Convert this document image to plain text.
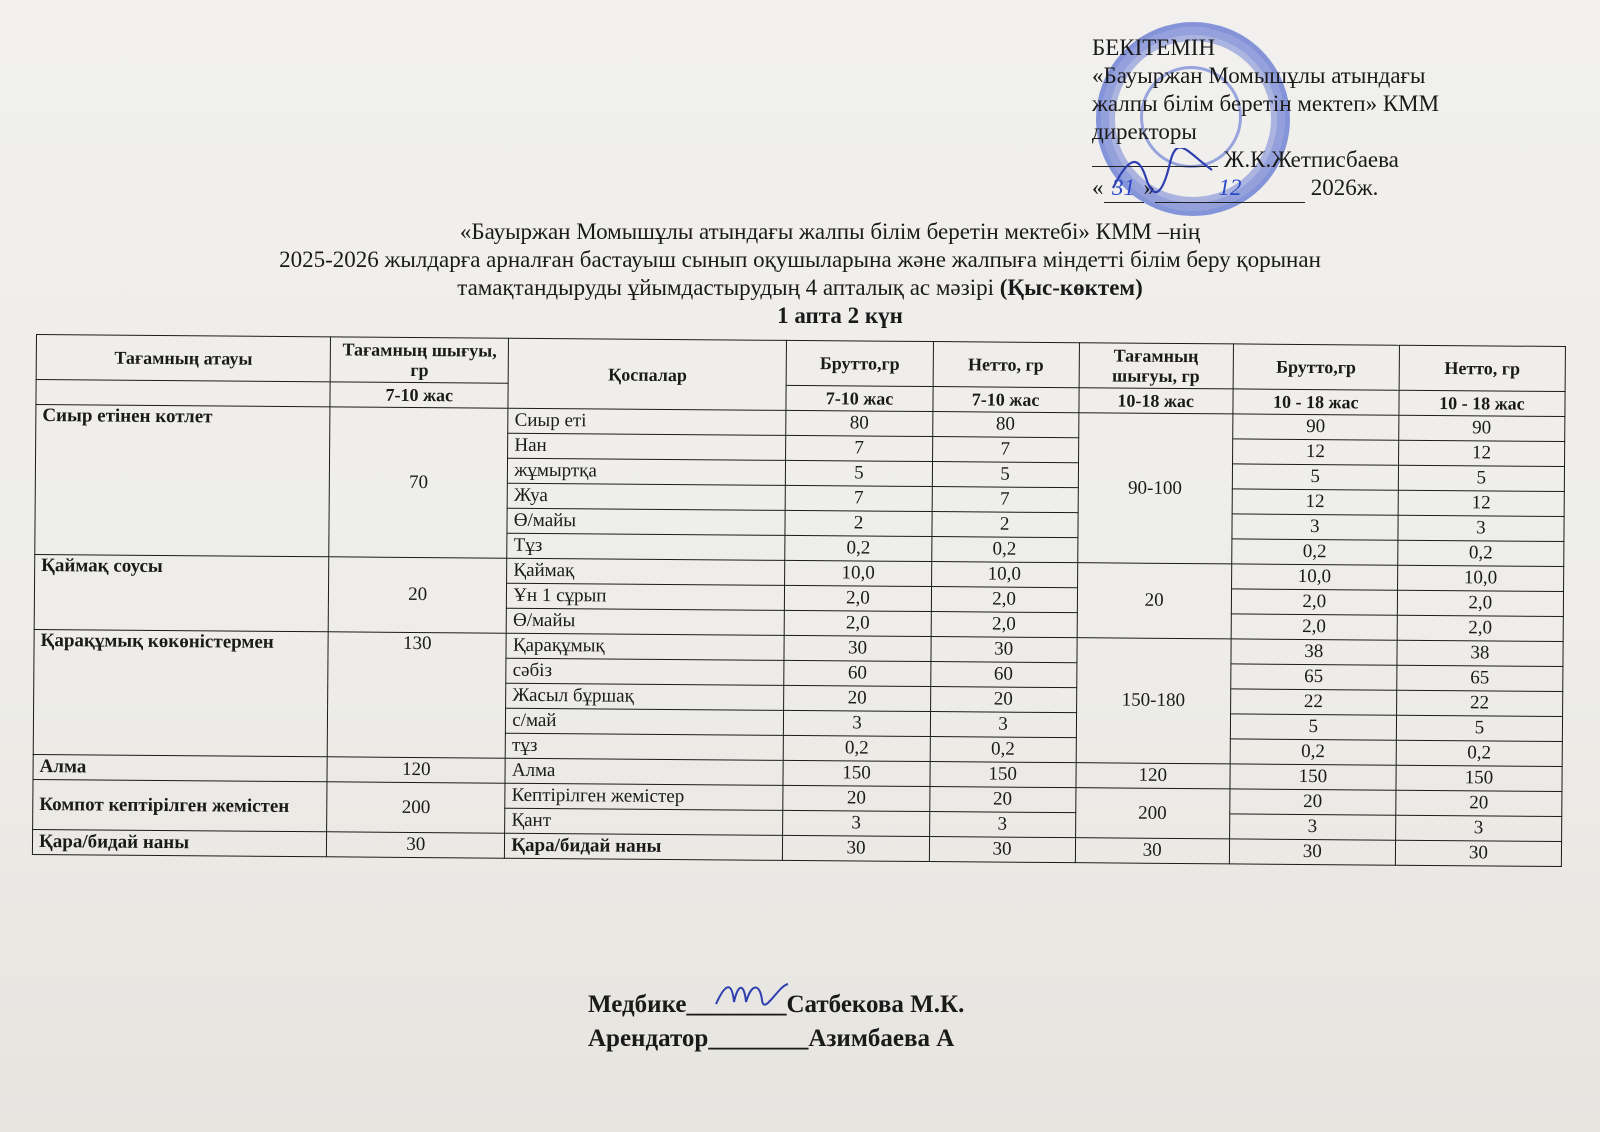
БЕКІТЕМІН
«Бауыржан Момышұлы атындағы
жалпы білім беретін мектеп» КММ
директоры
Ж.К.Жетписбаева
« 31 »	12	2026ж.
«Бауыржан Момышұлы атындағы жалпы білім беретін мектебі» КММ –нің
2025-2026 жылдарға арналған бастауыш сынып оқушыларына және жалпыға міндетті білім беру қорынан
тамақтандыруды ұйымдастырудың 4 апталық ас мәзірі (Қыс-көктем)
1 апта 2 күн
Тағамның атауы	Тағамның шығуы, гр	Қоспалар	Брутто,гр	Нетто, гр	Тағамның шығуы, гр	Брутто,гр	Нетто, гр
	7-10 жас		7-10 жас	7-10 жас	10-18 жас	10 - 18 жас	10 - 18 жас
Сиыр етінен котлет	70	Сиыр еті	80	80	90-100	90	90
		Нан	7	7		12	12
		жұмыртқа	5	5		5	5
		Жуа	7	7		12	12
		Ө/майы	2	2		3	3
		Тұз	0,2	0,2		0,2	0,2
Қаймақ соусы	20	Қаймақ	10,0	10,0	20	10,0	10,0
		Ұн 1 сұрып	2,0	2,0		2,0	2,0
		Ө/майы	2,0	2,0		2,0	2,0
Қарақұмық көкөністермен	130	Қарақұмық	30	30	150-180	38	38
		сәбіз	60	60		65	65
		Жасыл бұршақ	20	20		22	22
		с/май	3	3		5	5
		тұз	0,2	0,2		0,2	0,2
Алма	120	Алма	150	150	120	150	150
Компот кептірілген жемістен	200	Кептірілген жемістер	20	20	200	20	20
		Қант	3	3		3	3
Қара/бидай наны	30	Қара/бидай наны	30	30	30	30	30
Медбике________Сатбекова М.К.
Арендатор________Азимбаева А
